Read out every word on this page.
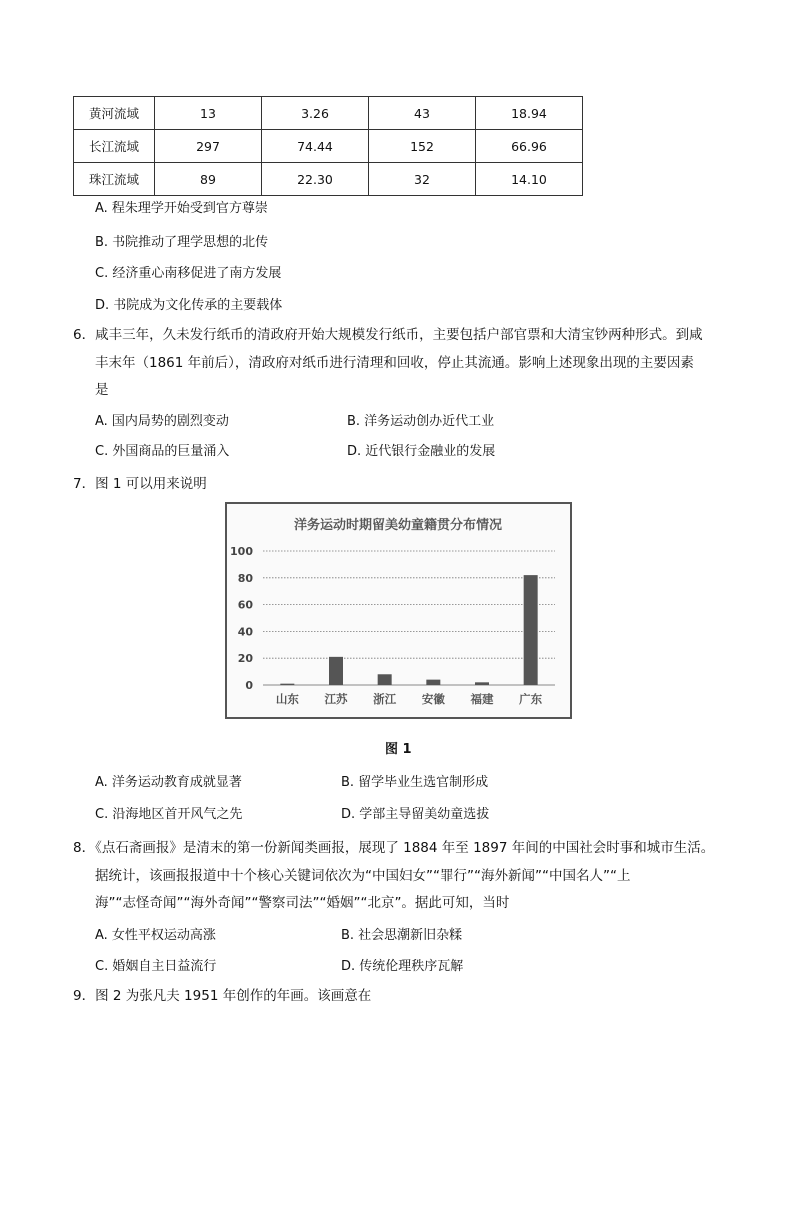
黄河流域	13	3.26	43	18.94
长江流域	297	74.44	152	66.96
珠江流域	89	22.30	32	14.10
A. 程朱理学开始受到官方尊崇
B. 书院推动了理学思想的北传
C. 经济重心南移促进了南方发展
D. 书院成为文化传承的主要载体
6．咸丰三年，久未发行纸币的清政府开始大规模发行纸币，主要包括户部官票和大清宝钞两种形式。到咸
丰末年（1861 年前后），清政府对纸币进行清理和回收，停止其流通。影响上述现象出现的主要因素
是
A. 国内局势的剧烈变动	B. 洋务运动创办近代工业
C. 外国商品的巨量涌入	D. 近代银行金融业的发展
7．图 1 可以用来说明
洋务运动时期留美幼童籍贯分布情况
0
20
40
60
80
100
山东 江苏 浙江 安徽 福建 广东
图 1
A. 洋务运动教育成就显著	B. 留学毕业生选官制形成
C. 沿海地区首开风气之先	D. 学部主导留美幼童选拔
8．《点石斋画报》是清末的第一份新闻类画报，展现了 1884 年至 1897 年间的中国社会时事和城市生活。
据统计，该画报报道中十个核心关键词依次为“中国妇女”“罪行”“海外新闻”“中国名人”“上
海”“志怪奇闻”“海外奇闻”“警察司法”“婚姻”“北京”。据此可知，当时
A. 女性平权运动高涨	B. 社会思潮新旧杂糅
C. 婚姻自主日益流行	D. 传统伦理秩序瓦解
9．图 2 为张凡夫 1951 年创作的年画。该画意在
